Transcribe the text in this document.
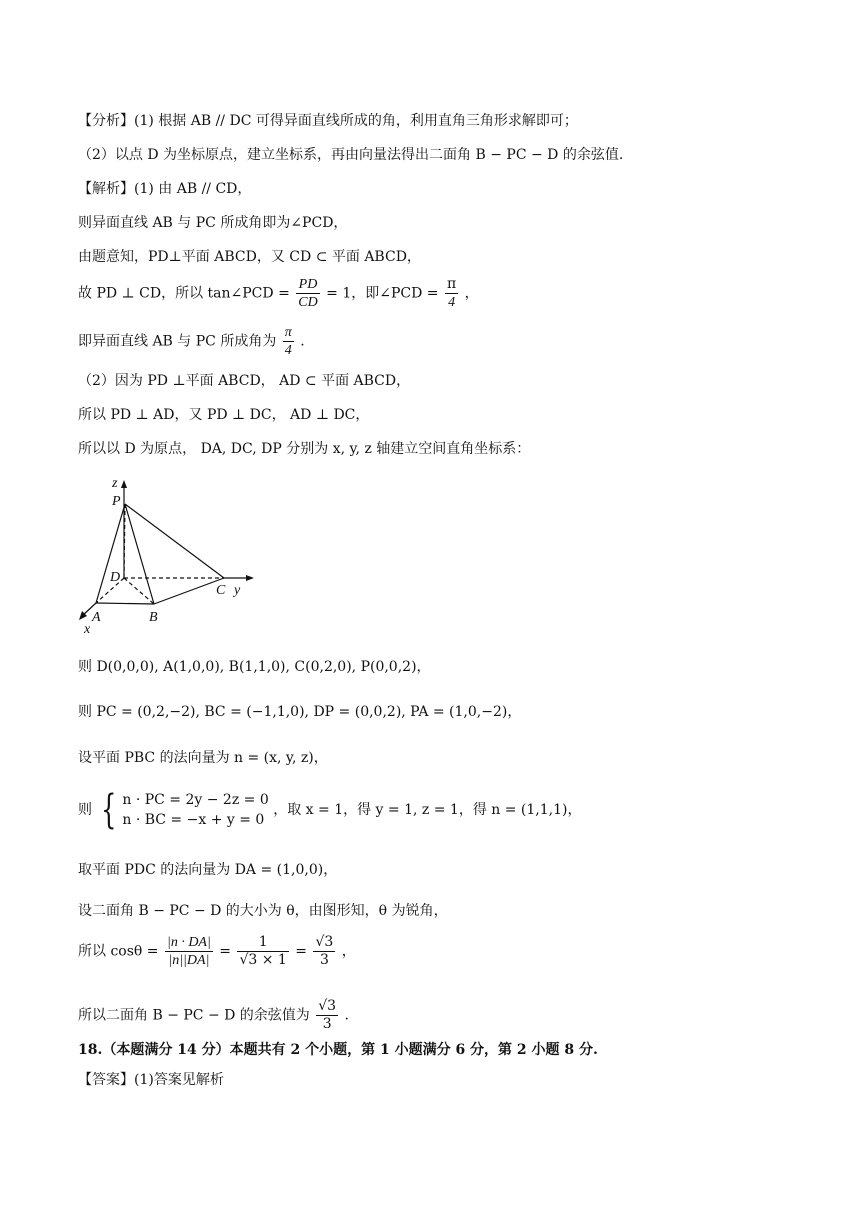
【分析】(1) 根据 AB // DC 可得异面直线所成的角，利用直角三角形求解即可；
（2）以点 D 为坐标原点，建立坐标系，再由向量法得出二面角 B − PC − D 的余弦值.
【解析】(1) 由 AB // CD，
则异面直线 AB 与 PC 所成角即为∠PCD，
由题意知，PD⊥平面 ABCD，又 CD ⊂ 平面 ABCD，
故 PD ⊥ CD，所以 tan∠PCD = $\frac{PD}{CD} = 1$，即∠PCD = $\frac{\pi}{4}$ ，
即异面直线 AB 与 PC 所成角为 $\frac{\pi}{4}$ .
（2）因为 PD ⊥平面 ABCD， AD ⊂ 平面 ABCD，
所以 PD ⊥ AD，又 PD ⊥ DC， AD ⊥ DC，
所以以 D 为原点， DA, DC, DP 分别为 x, y, z 轴建立空间直角坐标系：
z
P
D
C y
A	B
x
则 D(0,0,0), A(1,0,0), B(1,1,0), C(0,2,0), P(0,0,2)，
则 PC = (0,2,−2), BC = (−1,1,0), DP = (0,0,2), PA = (1,0,−2)，
设平面 PBC 的法向量为 n = (x, y, z)，
则 { n · PC = 2y − 2z = 0
n · BC = −x + y = 0
，取 x = 1，得 y = 1, z = 1，得 n = (1,1,1)，
取平面 PDC 的法向量为 DA = (1,0,0)，
设二面角 B − PC − D 的大小为 θ，由图形知，θ 为锐角，
所以 $\cos\theta = \frac{|n \cdot DA|}{|n||DA|} = \frac{1}{√3 \times 1} = \frac{√3}{3}$ ，
所以二面角 B − PC − D 的余弦值为 $\frac{√3}{3}$ .
18.（本题满分 14 分）本题共有 2 个小题，第 1 小题满分 6 分，第 2 小题 8 分.
【答案】(1)答案见解析
